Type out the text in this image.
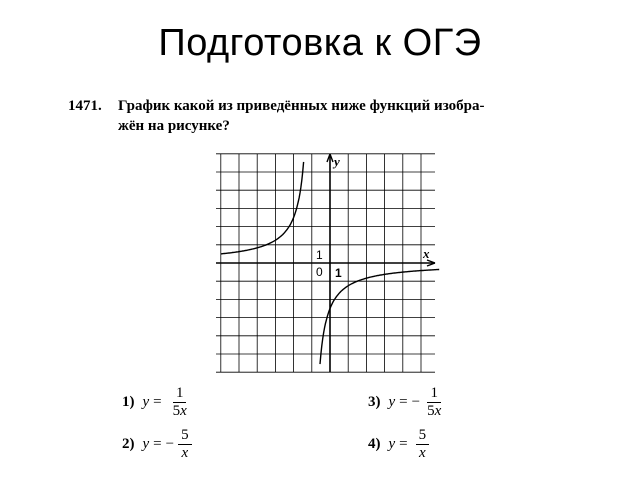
Подготовка к ОГЭ
1471. График какой из приведённых ниже функций изобра-
жён на рисунке?
y
x
0 1
1
1) $y = \frac{1}{5x}$
2) y = − $\frac{5}{x}$
3) y = − $\frac{1}{5x}$
4) $y = \frac{5}{x}$
